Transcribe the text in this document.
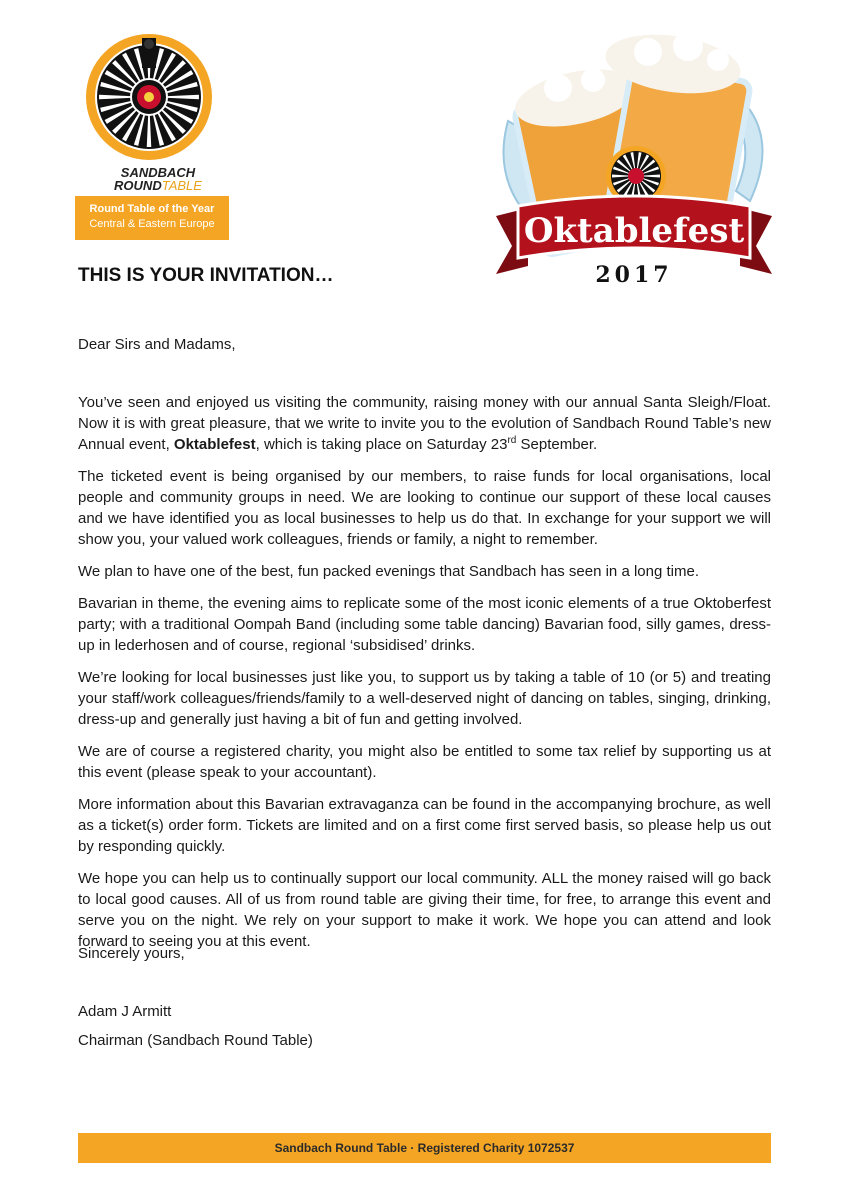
SANDBACH
ROUNDTABLE
Round Table of the Year
Central & Eastern Europe	Oktablefest
2017
THIS IS YOUR INVITATION…
Dear Sirs and Madams,

You’ve seen and enjoyed us visiting the community, raising money with our annual Santa Sleigh/Float. Now it is with great pleasure, that we write to invite you to the evolution of Sandbach Round Table’s new Annual event, Oktablefest, which is taking place on Saturday 23rd September.

The ticketed event is being organised by our members, to raise funds for local organisations, local people and community groups in need. We are looking to continue our support of these local causes and we have identified you as local businesses to help us do that. In exchange for your support we will show you, your valued work colleagues, friends or family, a night to remember.

We plan to have one of the best, fun packed evenings that Sandbach has seen in a long time.

Bavarian in theme, the evening aims to replicate some of the most iconic elements of a true Oktoberfest party; with a traditional Oompah Band (including some table dancing) Bavarian food, silly games, dress-up in lederhosen and of course, regional ‘subsidised’ drinks.

We’re looking for local businesses just like you, to support us by taking a table of 10 (or 5) and treating your staff/work colleagues/friends/family to a well-deserved night of dancing on tables, singing, drinking, dress-up and generally just having a bit of fun and getting involved.

We are of course a registered charity, you might also be entitled to some tax relief by supporting us at this event (please speak to your accountant).

More information about this Bavarian extravaganza can be found in the accompanying brochure, as well as a ticket(s) order form. Tickets are limited and on a first come first served basis, so please help us out by responding quickly.

We hope you can help us to continually support our local community. ALL the money raised will go back to local good causes. All of us from round table are giving their time, for free, to arrange this event and serve you on the night. We rely on your support to make it work. We hope you can attend and look forward to seeing you at this event.

Sincerely yours,
Adam J Armitt
Chairman (Sandbach Round Table)
Sandbach Round Table · Registered Charity 1072537
